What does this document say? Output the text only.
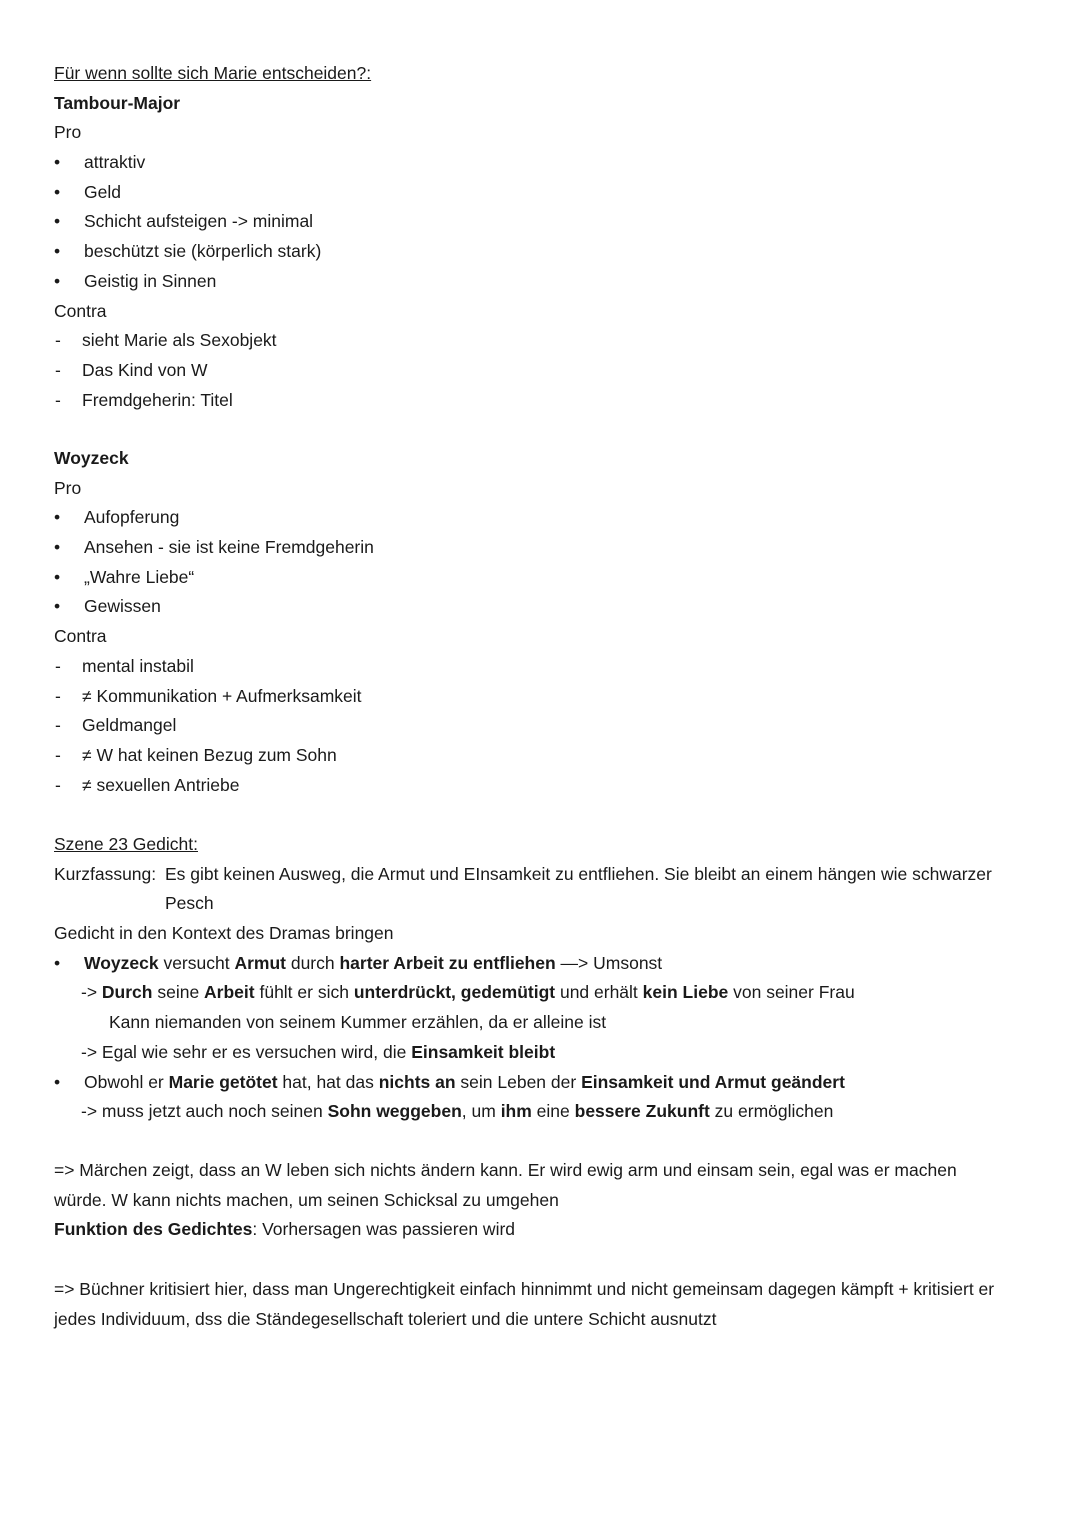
Für wenn sollte sich Marie entscheiden?:
Tambour-Major
Pro
• attraktiv
• Geld
• Schicht aufsteigen -> minimal
• beschützt sie (körperlich stark)
• Geistig in Sinnen
Contra
- sieht Marie als Sexobjekt
- Das Kind von W
- Fremdgeherin: Titel
Woyzeck
Pro
• Aufopferung
• Ansehen - sie ist keine Fremdgeherin
• „Wahre Liebe“
• Gewissen
Contra
- mental instabil
- ≠ Kommunikation + Aufmerksamkeit
- Geldmangel
- ≠ W hat keinen Bezug zum Sohn
- ≠ sexuellen Antriebe
Szene 23 Gedicht:
Kurzfassung: Es gibt keinen Ausweg, die Armut und EInsamkeit zu entfliehen. Sie bleibt an einem hängen wie schwarzer
Pesch
Gedicht in den Kontext des Dramas bringen
• Woyzeck versucht Armut durch harter Arbeit zu entfliehen —> Umsonst
-> Durch seine Arbeit fühlt er sich unterdrückt, gedemütigt und erhält kein Liebe von seiner Frau
Kann niemanden von seinem Kummer erzählen, da er alleine ist
-> Egal wie sehr er es versuchen wird, die Einsamkeit bleibt
• Obwohl er Marie getötet hat, hat das nichts an sein Leben der Einsamkeit und Armut geändert
-> muss jetzt auch noch seinen Sohn weggeben, um ihm eine bessere Zukunft zu ermöglichen
=> Märchen zeigt, dass an W leben sich nichts ändern kann. Er wird ewig arm und einsam sein, egal was er machen würde. W kann nichts machen, um seinen Schicksal zu umgehen
Funktion des Gedichtes: Vorhersagen was passieren wird
=> Büchner kritisiert hier, dass man Ungerechtigkeit einfach hinnimmt und nicht gemeinsam dagegen kämpft + kritisiert er jedes Individuum, dss die Ständegesellschaft toleriert und die untere Schicht ausnutzt
